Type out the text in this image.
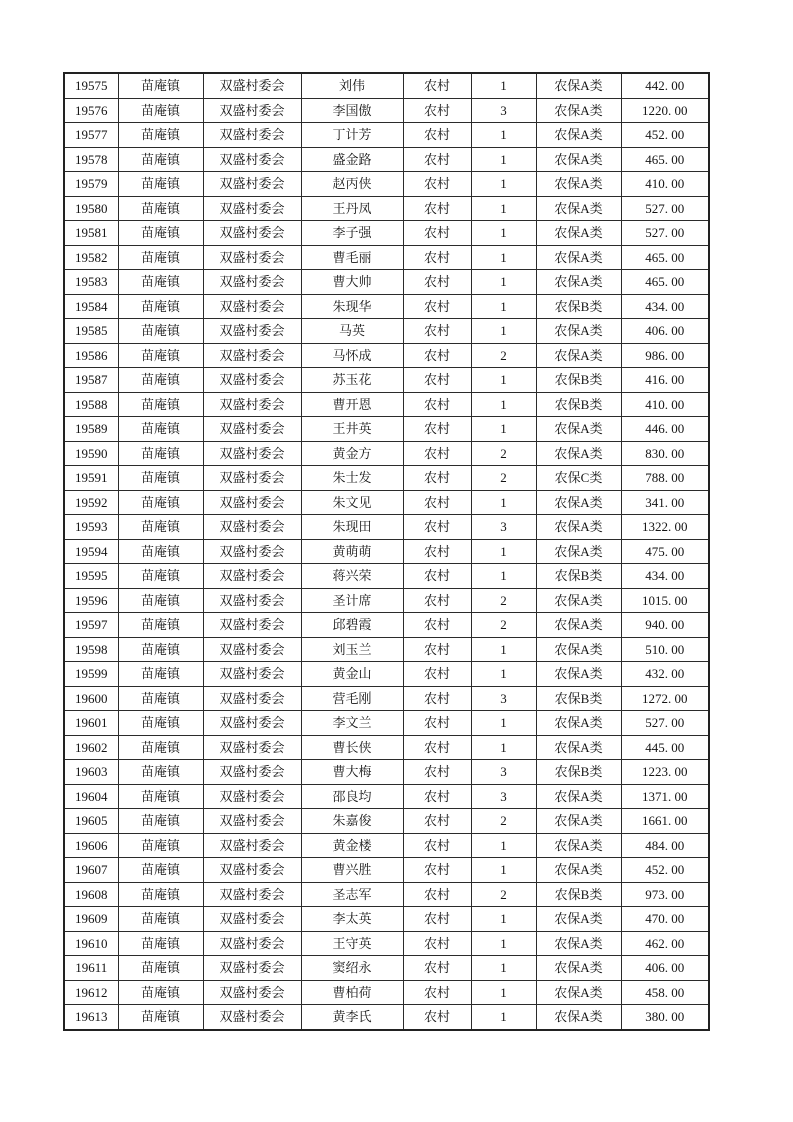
19575	苗庵镇	双盛村委会	刘伟	农村	1	农保A类	442. 00
19576	苗庵镇	双盛村委会	李国傲	农村	3	农保A类	1220. 00
19577	苗庵镇	双盛村委会	丁计芳	农村	1	农保A类	452. 00
19578	苗庵镇	双盛村委会	盛金路	农村	1	农保A类	465. 00
19579	苗庵镇	双盛村委会	赵丙侠	农村	1	农保A类	410. 00
19580	苗庵镇	双盛村委会	王丹凤	农村	1	农保A类	527. 00
19581	苗庵镇	双盛村委会	李子强	农村	1	农保A类	527. 00
19582	苗庵镇	双盛村委会	曹毛丽	农村	1	农保A类	465. 00
19583	苗庵镇	双盛村委会	曹大帅	农村	1	农保A类	465. 00
19584	苗庵镇	双盛村委会	朱现华	农村	1	农保B类	434. 00
19585	苗庵镇	双盛村委会	马英	农村	1	农保A类	406. 00
19586	苗庵镇	双盛村委会	马怀成	农村	2	农保A类	986. 00
19587	苗庵镇	双盛村委会	苏玉花	农村	1	农保B类	416. 00
19588	苗庵镇	双盛村委会	曹开恩	农村	1	农保B类	410. 00
19589	苗庵镇	双盛村委会	王井英	农村	1	农保A类	446. 00
19590	苗庵镇	双盛村委会	黄金方	农村	2	农保A类	830. 00
19591	苗庵镇	双盛村委会	朱士发	农村	2	农保C类	788. 00
19592	苗庵镇	双盛村委会	朱文见	农村	1	农保A类	341. 00
19593	苗庵镇	双盛村委会	朱现田	农村	3	农保A类	1322. 00
19594	苗庵镇	双盛村委会	黄萌萌	农村	1	农保A类	475. 00
19595	苗庵镇	双盛村委会	蒋兴荣	农村	1	农保B类	434. 00
19596	苗庵镇	双盛村委会	圣计席	农村	2	农保A类	1015. 00
19597	苗庵镇	双盛村委会	邱碧霞	农村	2	农保A类	940. 00
19598	苗庵镇	双盛村委会	刘玉兰	农村	1	农保A类	510. 00
19599	苗庵镇	双盛村委会	黄金山	农村	1	农保A类	432. 00
19600	苗庵镇	双盛村委会	营毛刚	农村	3	农保B类	1272. 00
19601	苗庵镇	双盛村委会	李文兰	农村	1	农保A类	527. 00
19602	苗庵镇	双盛村委会	曹长侠	农村	1	农保A类	445. 00
19603	苗庵镇	双盛村委会	曹大梅	农村	3	农保B类	1223. 00
19604	苗庵镇	双盛村委会	邵良均	农村	3	农保A类	1371. 00
19605	苗庵镇	双盛村委会	朱嘉俊	农村	2	农保A类	1661. 00
19606	苗庵镇	双盛村委会	黄金楼	农村	1	农保A类	484. 00
19607	苗庵镇	双盛村委会	曹兴胜	农村	1	农保A类	452. 00
19608	苗庵镇	双盛村委会	圣志军	农村	2	农保B类	973. 00
19609	苗庵镇	双盛村委会	李太英	农村	1	农保A类	470. 00
19610	苗庵镇	双盛村委会	王守英	农村	1	农保A类	462. 00
19611	苗庵镇	双盛村委会	窦绍永	农村	1	农保A类	406. 00
19612	苗庵镇	双盛村委会	曹柏荷	农村	1	农保A类	458. 00
19613	苗庵镇	双盛村委会	黄李氏	农村	1	农保A类	380. 00
